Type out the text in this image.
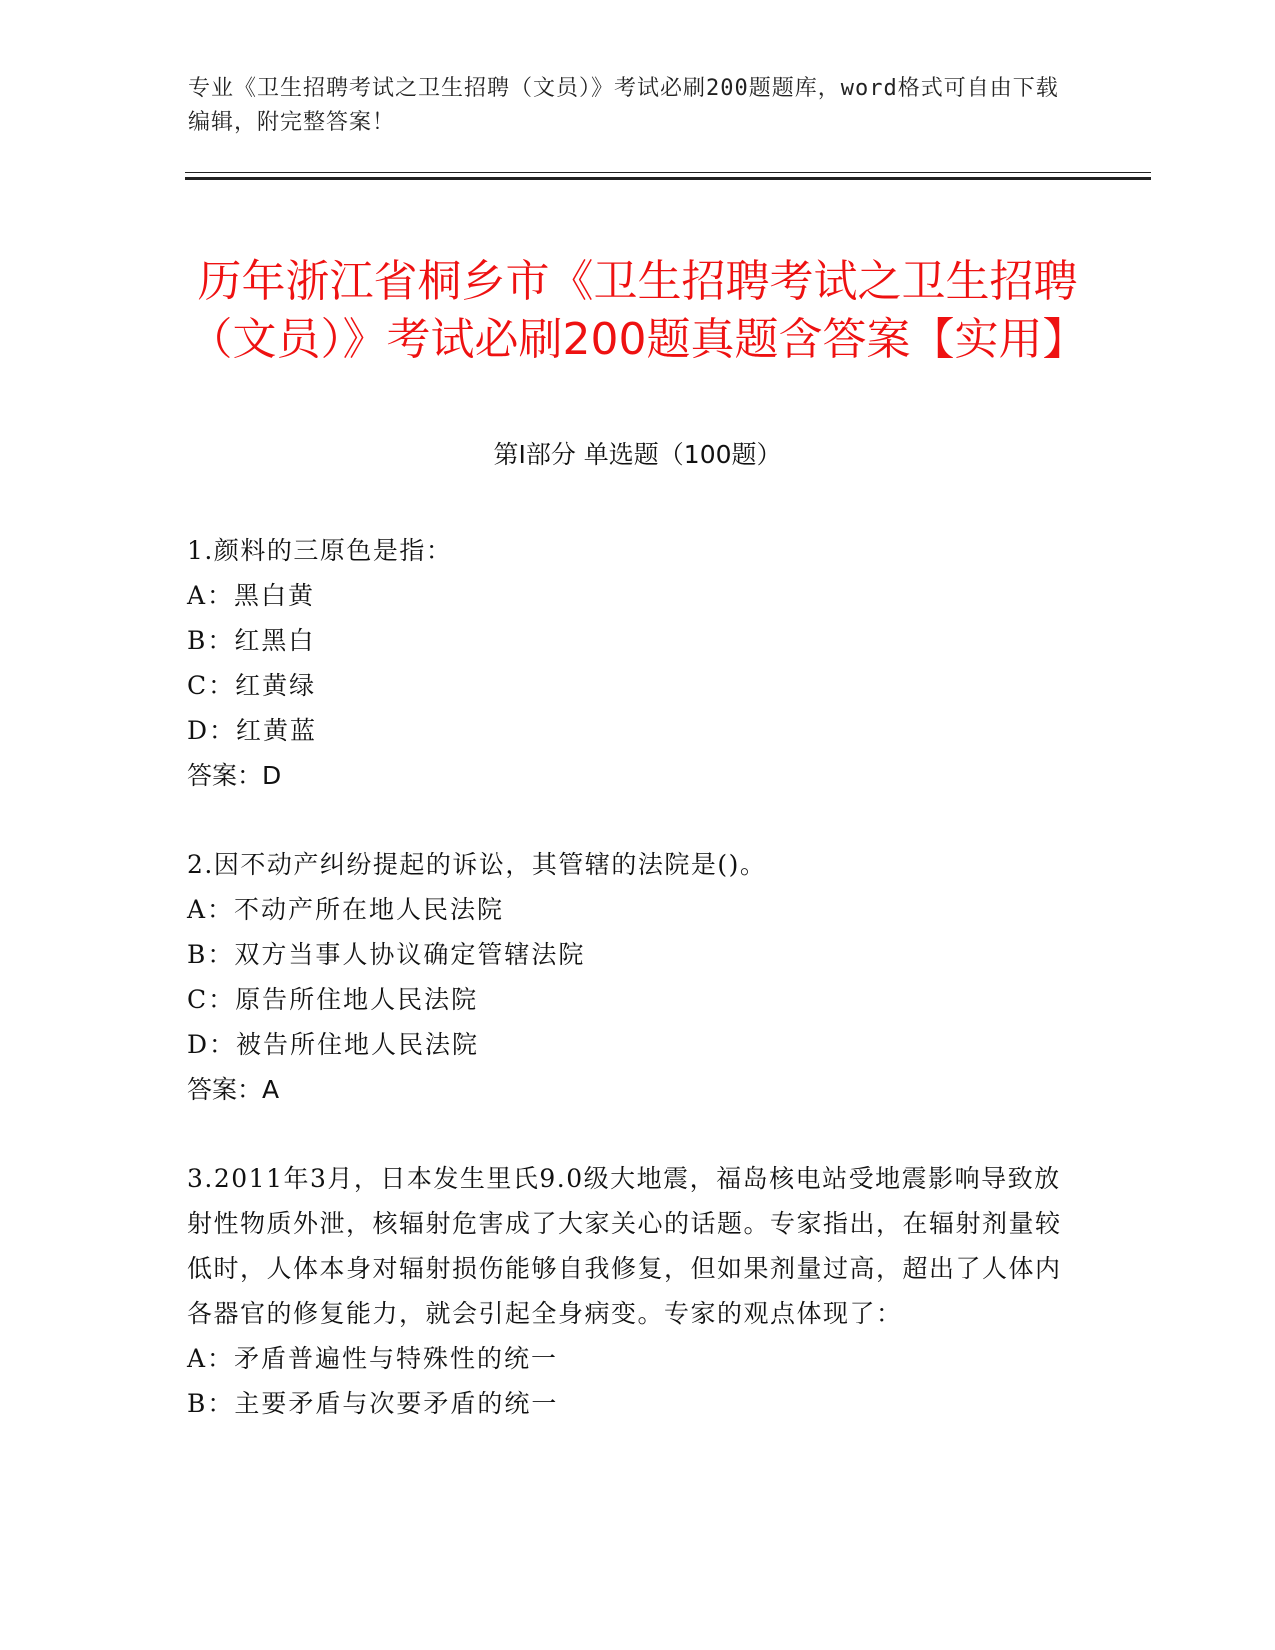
专业《卫生招聘考试之卫生招聘（文员）》考试必刷200题题库，word格式可自由下载编辑，附完整答案！
历年浙江省桐乡市《卫生招聘考试之卫生招聘（文员）》考试必刷200题真题含答案【实用】
第I部分 单选题（100题）
1.颜料的三原色是指：
A：黑白黄
B：红黑白
C：红黄绿
D：红黄蓝
答案：D
2.因不动产纠纷提起的诉讼，其管辖的法院是()。
A：不动产所在地人民法院
B：双方当事人协议确定管辖法院
C：原告所住地人民法院
D：被告所住地人民法院
答案：A
3.2011年3月，日本发生里氏9.0级大地震，福岛核电站受地震影响导致放射性物质外泄，核辐射危害成了大家关心的话题。专家指出，在辐射剂量较低时，人体本身对辐射损伤能够自我修复，但如果剂量过高，超出了人体内各器官的修复能力，就会引起全身病变。专家的观点体现了：
A：矛盾普遍性与特殊性的统一
B：主要矛盾与次要矛盾的统一
